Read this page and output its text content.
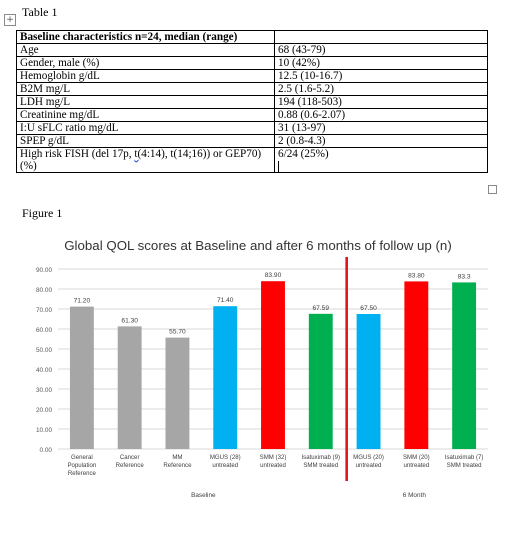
+
Table 1
Baseline characteristics n=24, median (range)	
Age	68 (43-79)
Gender, male (%)	10 (42%)
Hemoglobin g/dL	12.5 (10-16.7)
B2M mg/L	2.5 (1.6-5.2)
LDH mg/L	194 (118-503)
Creatinine mg/dL	0.88 (0.6-2.07)
I:U sFLC ratio mg/dL	31 (13-97)
SPEP g/dL	2 (0.8-4.3)
High risk FISH (del 17p, t(4:14), t(14;16)) or GEP70) (%)	6/24 (25%)

Figure 1
Global QOL scores at Baseline and after 6 months of follow up (n)
0.00
10.00
20.00
30.00
40.00
50.00
60.00
70.00
80.00
90.00
71.20
General
Population
Reference
61.30
Cancer
Reference
55.70
MM
Reference
71.40
MGUS (28)
untreated
83.90
SMM (32)
untreated
67.59
Isatuximab (9)
SMM treated
67.50
MGUS (20)
untreated
83.80
SMM (20)
untreated
83.3
Isatuximab (7)
SMM treated
Baseline	6 Month
